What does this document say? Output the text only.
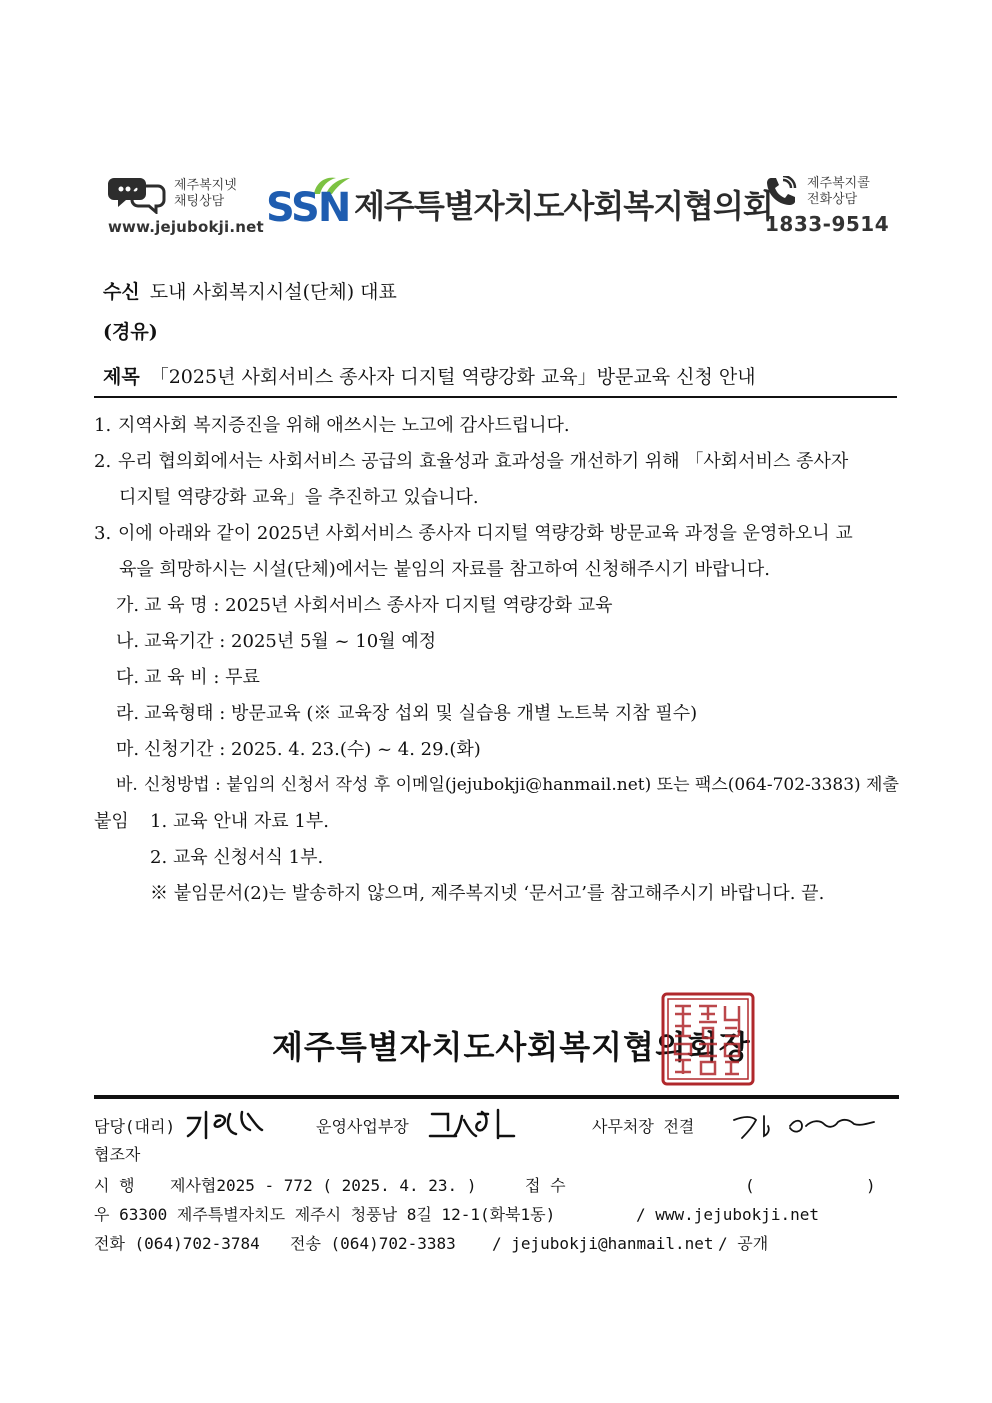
제주복지넷
채팅상담
www.jejubokji.net SSN 제주특별자치도사회복지협의회
제주복지콜
전화상담
1833-9514
수신 도내 사회복지시설(단체) 대표
(경유)
제목 「2025년 사회서비스 종사자 디지털 역량강화 교육」방문교육 신청 안내
1. 지역사회 복지증진을 위해 애쓰시는 노고에 감사드립니다.
2. 우리 협의회에서는 사회서비스 공급의 효율성과 효과성을 개선하기 위해 「사회서비스 종사자
디지털 역량강화 교육」을 추진하고 있습니다.
3. 이에 아래와 같이 2025년 사회서비스 종사자 디지털 역량강화 방문교육 과정을 운영하오니 교
육을 희망하시는 시설(단체)에서는 붙임의 자료를 참고하여 신청해주시기 바랍니다.
가. 교 육 명 : 2025년 사회서비스 종사자 디지털 역량강화 교육
나. 교육기간 : 2025년 5월 ~ 10월 예정
다. 교 육 비 : 무료
라. 교육형태 : 방문교육 (※ 교육장 섭외 및 실습용 개별 노트북 지참 필수)
마. 신청기간 : 2025. 4. 23.(수) ~ 4. 29.(화)
바. 신청방법 : 붙임의 신청서 작성 후 이메일(jejubokji@hanmail.net) 또는 팩스(064-702-3383) 제출
붙임 1. 교육 안내 자료 1부.
2. 교육 신청서식 1부.
※ 붙임문서(2)는 발송하지 않으며, 제주복지넷 ‘문서고’를 참고해주시기 바랍니다. 끝.
제주특별자치도사회복지협의회장
담당(대리)	운영사업부장	사무처장 전결
협조자
시 행 제사협2025 - 772 ( 2025. 4. 23. )	접 수	(	)
우 63300 제주특별자치도 제주시 청풍남 8길 12-1(화북1동)	/ www.jejubokji.net
전화 (064)702-3784 전송 (064)702-3383 / jejubokji@hanmail.net / 공개
